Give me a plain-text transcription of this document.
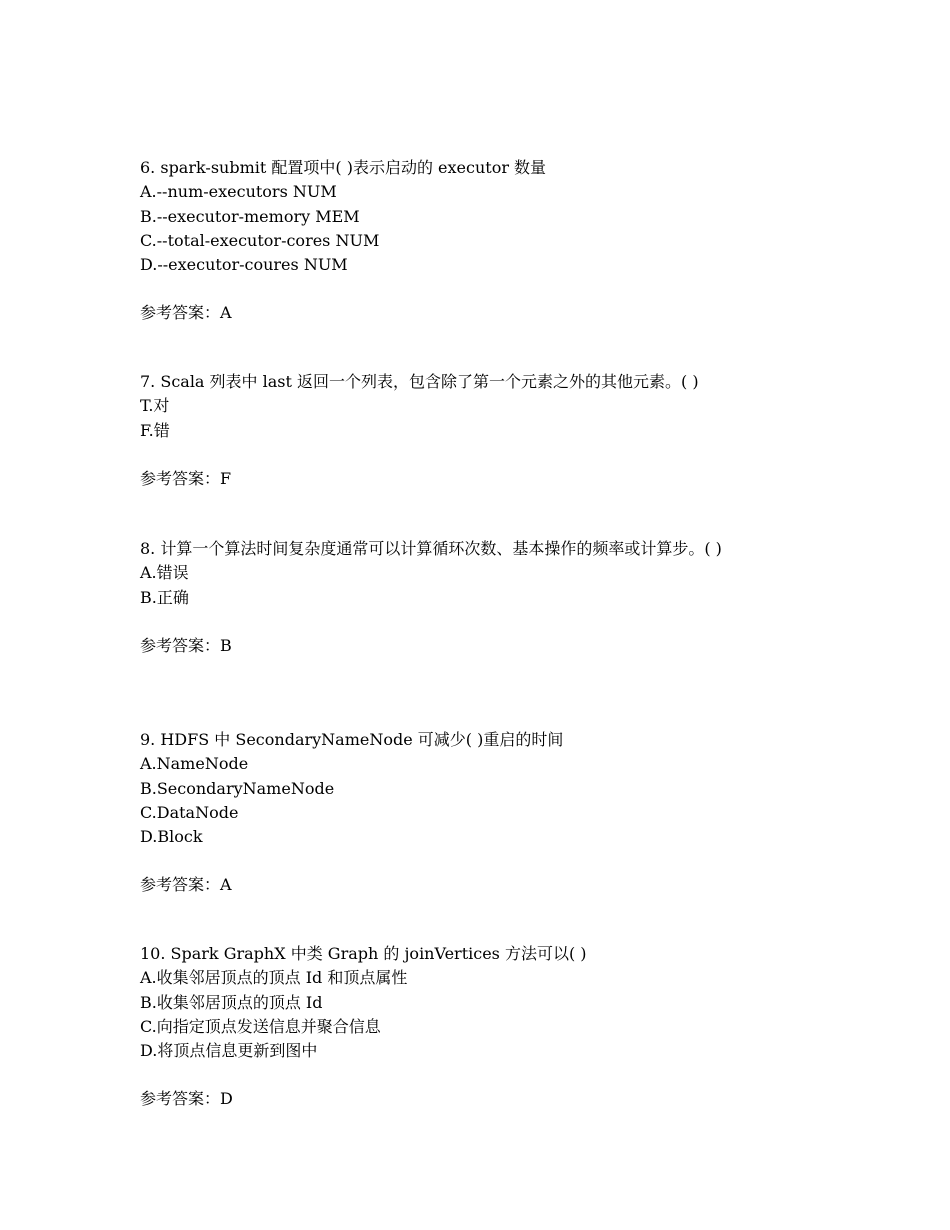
6. spark-submit 配置项中( )表示启动的 executor 数量
A.--num-executors NUM
B.--executor-memory MEM
C.--total-executor-cores NUM
D.--executor-coures NUM
参考答案：A
7. Scala 列表中 last 返回一个列表，包含除了第一个元素之外的其他元素。( )
T.对
F.错
参考答案：F
8. 计算一个算法时间复杂度通常可以计算循环次数、基本操作的频率或计算步。( )
A.错误
B.正确
参考答案：B
9. HDFS 中 SecondaryNameNode 可减少( )重启的时间
A.NameNode
B.SecondaryNameNode
C.DataNode
D.Block
参考答案：A
10. Spark GraphX 中类 Graph 的 joinVertices 方法可以( )
A.收集邻居顶点的顶点 Id 和顶点属性
B.收集邻居顶点的顶点 Id
C.向指定顶点发送信息并聚合信息
D.将顶点信息更新到图中
参考答案：D
